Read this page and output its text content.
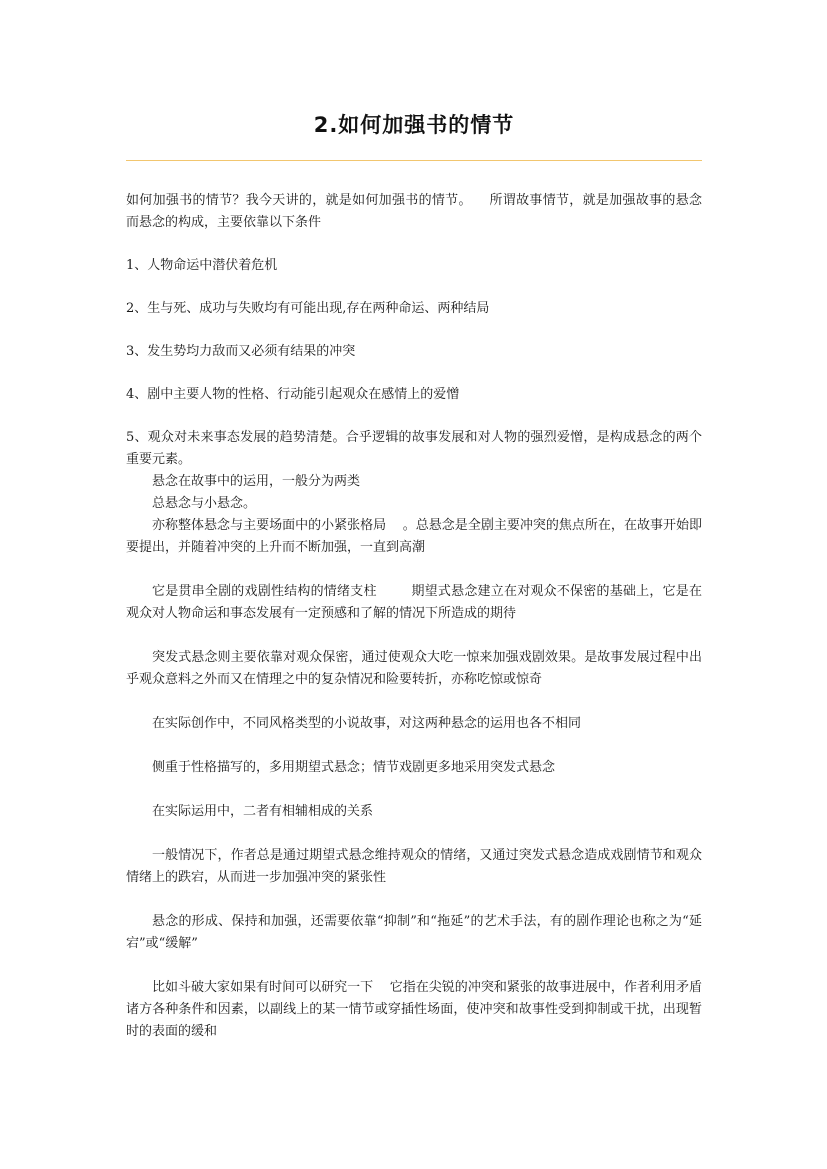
2.如何加强书的情节

如何加强书的情节？我今天讲的，就是如何加强书的情节。    所谓故事情节，就是加强故事的悬念        而悬念的构成，主要依靠以下条件

1、人物命运中潜伏着危机

2、生与死、成功与失败均有可能出现,存在两种命运、两种结局

3、发生势均力敌而又必须有结果的冲突

4、剧中主要人物的性格、行动能引起观众在感情上的爱憎

5、观众对未来事态发展的趋势清楚。合乎逻辑的故事发展和对人物的强烈爱憎，是构成悬念的两个重要元素。

悬念在故事中的运用，一般分为两类

总悬念与小悬念。

亦称整体悬念与主要场面中的小紧张格局    。总悬念是全剧主要冲突的焦点所在，在故事开始即要提出，并随着冲突的上升而不断加强，一直到高潮

它是贯串全剧的戏剧性结构的情绪支柱        期望式悬念建立在对观众不保密的基础上，它是在观众对人物命运和事态发展有一定预感和了解的情况下所造成的期待

突发式悬念则主要依靠对观众保密，通过使观众大吃一惊来加强戏剧效果。是故事发展过程中出乎观众意料之外而又在情理之中的复杂情况和险要转折，亦称吃惊或惊奇

在实际创作中，不同风格类型的小说故事，对这两种悬念的运用也各不相同

侧重于性格描写的，多用期望式悬念；情节戏剧更多地采用突发式悬念

在实际运用中，二者有相辅相成的关系

一般情况下，作者总是通过期望式悬念维持观众的情绪，又通过突发式悬念造成戏剧情节和观众情绪上的跌宕，从而进一步加强冲突的紧张性

悬念的形成、保持和加强，还需要依靠“抑制”和“拖延”的艺术手法，有的剧作理论也称之为“延宕”或“缓解”

比如斗破大家如果有时间可以研究一下    它指在尖锐的冲突和紧张的故事进展中，作者利用矛盾诸方各种条件和因素，以副线上的某一情节或穿插性场面，使冲突和故事性受到抑制或干扰，出现暂时的表面的缓和
